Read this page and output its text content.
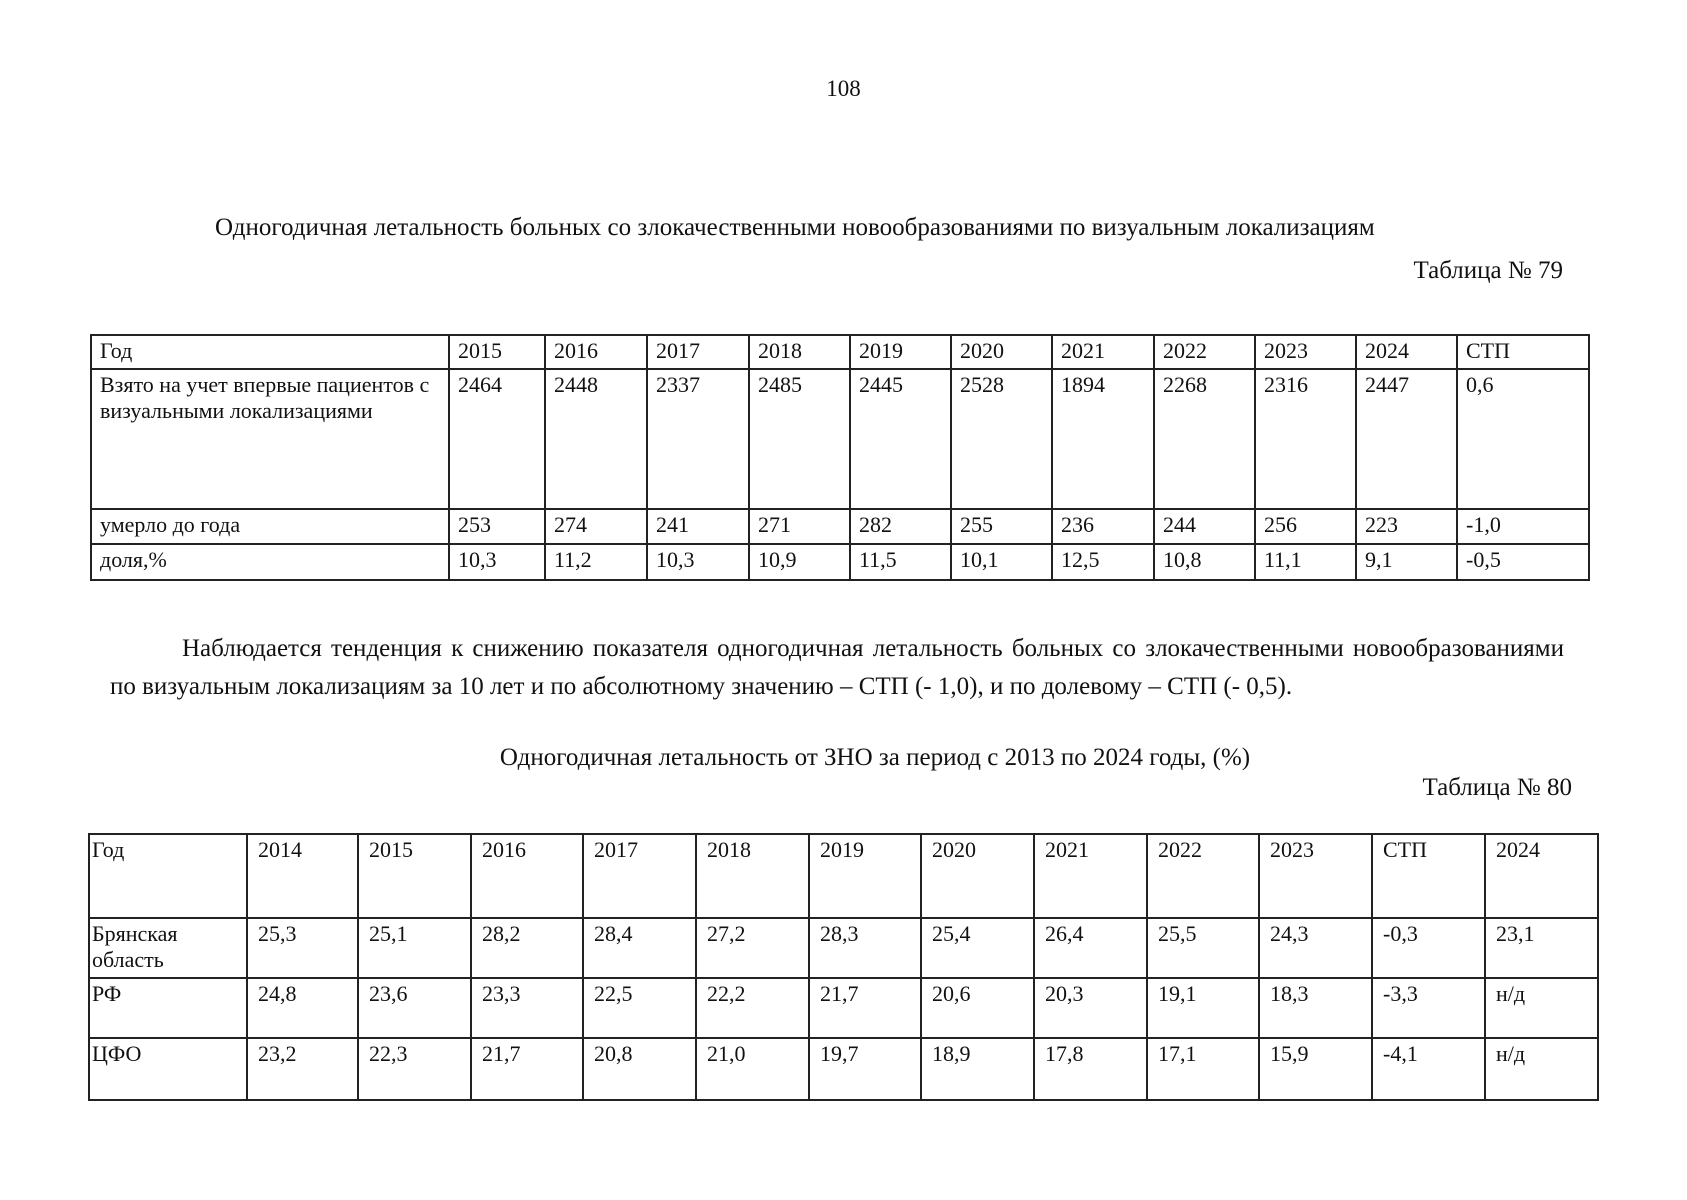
108
Одногодичная летальность больных со злокачественными новообразованиями по визуальным локализациям
Таблица № 79
Год	2015	2016	2017	2018	2019	2020	2021	2022	2023	2024	СТП
Взято на учет впервые пациентов с визуальными локализациями	2464	2448	2337	2485	2445	2528	1894	2268	2316	2447	0,6
умерло до года	253	274	241	271	282	255	236	244	256	223	-1,0
доля,%	10,3	11,2	10,3	10,9	11,5	10,1	12,5	10,8	11,1	9,1	-0,5
Наблюдается тенденция к снижению показателя одногодичная летальность больных со злокачественными новообразованиями по визуальным локализациям за 10 лет и по абсолютному значению – СТП (- 1,0), и по долевому – СТП (- 0,5).
Одногодичная летальность от ЗНО за период с 2013 по 2024 годы, (%)
Таблица № 80
Год	2014	2015	2016	2017	2018	2019	2020	2021	2022	2023	СТП	2024
Брянская область	25,3	25,1	28,2	28,4	27,2	28,3	25,4	26,4	25,5	24,3	-0,3	23,1
РФ	24,8	23,6	23,3	22,5	22,2	21,7	20,6	20,3	19,1	18,3	-3,3	н/д
ЦФО	23,2	22,3	21,7	20,8	21,0	19,7	18,9	17,8	17,1	15,9	-4,1	н/д
